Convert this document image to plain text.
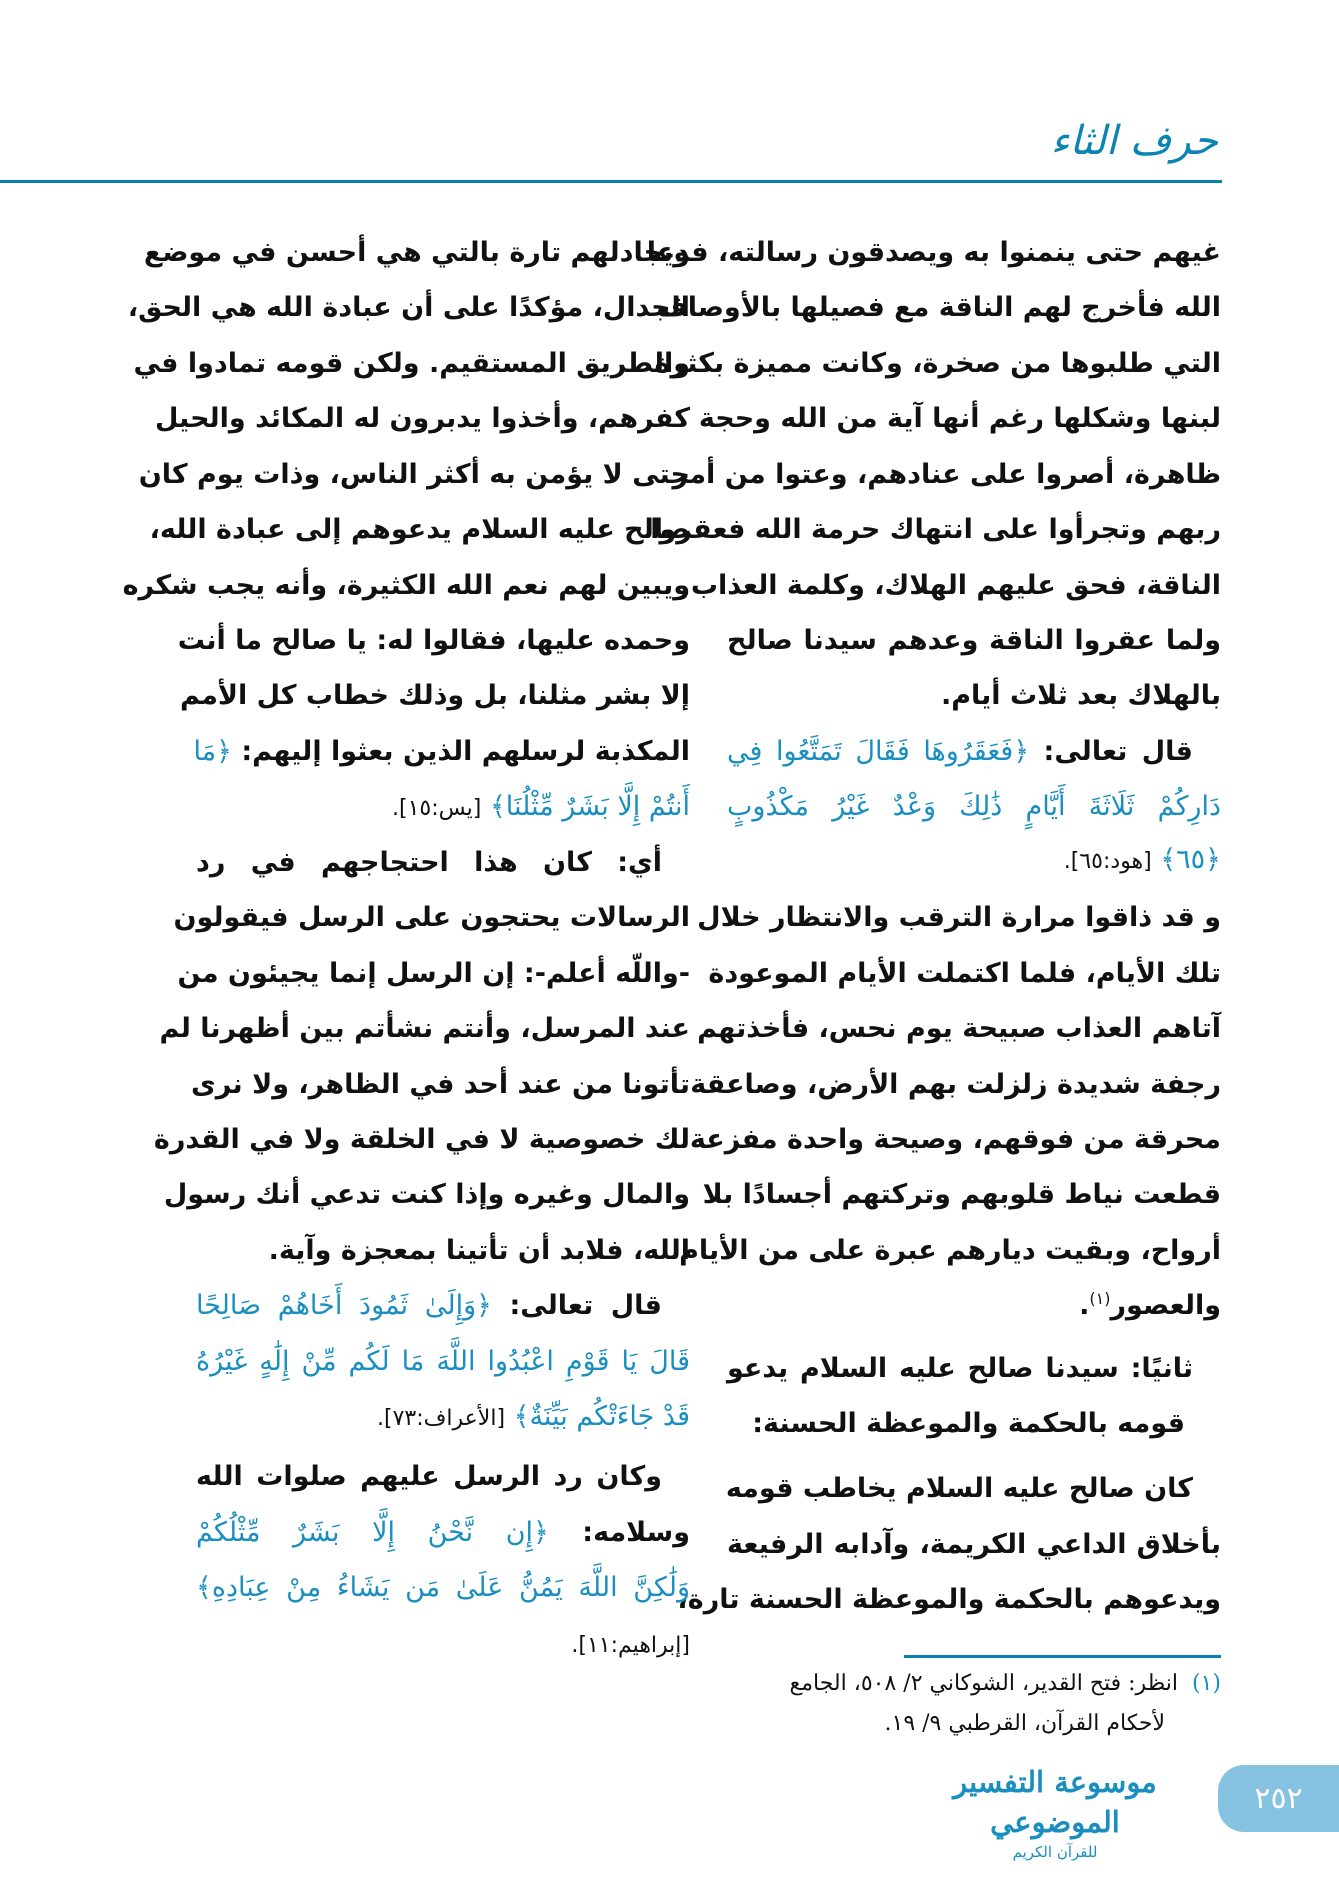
حرف الثاء
غيهم حتى ينمنوا به ويصدقون رسالته، فدعا
الله فأخرج لهم الناقة مع فصيلها بالأوصاف
التي طلبوها من صخرة، وكانت مميزة بكثرة
لبنها وشكلها رغم أنها آية من الله وحجة
ظاهرة، أصروا على عنادهم، وعتوا من أمر
ربهم وتجرأوا على انتهاك حرمة الله فعقروا
الناقة، فحق عليهم الهلاك، وكلمة العذاب.
ولما عقروا الناقة وعدهم سيدنا صالح
بالهلاك بعد ثلاث أيام.
قال تعالى: ﴿فَعَقَرُوهَا فَقَالَ تَمَتَّعُوا فِي
دَارِكُمْ ثَلَاثَةَ أَيَّامٍ ذَٰلِكَ وَعْدٌ غَيْرُ مَكْذُوبٍ
﴿٦٥﴾ [هود:٦٥].
و قد ذاقوا مرارة الترقب والانتظار خلال
تلك الأيام، فلما اكتملت الأيام الموعودة
آتاهم العذاب صبيحة يوم نحس، فأخذتهم
رجفة شديدة زلزلت بهم الأرض، وصاعقة
محرقة من فوقهم، وصيحة واحدة مفزعة
قطعت نياط قلوبهم وتركتهم أجسادًا بلا
أرواح، وبقيت ديارهم عبرة على من الأيام
والعصور$^{(١)}$.
ثانيًا: سيدنا صالح عليه السلام يدعو
قومه بالحكمة والموعظة الحسنة:
كان صالح عليه السلام يخاطب قومه
بأخلاق الداعي الكريمة، وآدابه الرفيعة
ويدعوهم بالحكمة والموعظة الحسنة تارة،
ويجادلهم تارة بالتي هي أحسن في موضع
الجدال، مؤكدًا على أن عبادة الله هي الحق،
والطريق المستقيم. ولكن قومه تمادوا في
كفرهم، وأخذوا يدبرون له المكائد والحيل
حتى لا يؤمن به أكثر الناس، وذات يوم كان
صالح عليه السلام يدعوهم إلى عبادة الله،
ويبين لهم نعم الله الكثيرة، وأنه يجب شكره
وحمده عليها، فقالوا له: يا صالح ما أنت
إلا بشر مثلنا، بل وذلك خطاب كل الأمم
المكذبة لرسلهم الذين بعثوا إليهم: ﴿مَا
أَنتُمْ إِلَّا بَشَرٌ مِّثْلُنَا﴾ [يس:١٥].
أي: كان هذا احتجاجهم في رد
الرسالات يحتجون على الرسل فيقولون
-واللّه أعلم-: إن الرسل إنما يجيئون من
عند المرسل، وأنتم نشأتم بين أظهرنا لم
تأتونا من عند أحد في الظاهر، ولا نرى
لك خصوصية لا في الخلقة ولا في القدرة
والمال وغيره وإذا كنت تدعي أنك رسول
الله، فلابد أن تأتينا بمعجزة وآية.
قال تعالى: ﴿وَإِلَىٰ ثَمُودَ أَخَاهُمْ صَالِحًا
قَالَ يَا قَوْمِ اعْبُدُوا اللَّهَ مَا لَكُم مِّنْ إِلَٰهٍ غَيْرُهُ
قَدْ جَاءَتْكُم بَيِّنَةٌ﴾ [الأعراف:٧٣].
وكان رد الرسل عليهم صلوات الله
وسلامه: ﴿إِن نَّحْنُ إِلَّا بَشَرٌ مِّثْلُكُمْ
وَلَٰكِنَّ اللَّهَ يَمُنُّ عَلَىٰ مَن يَشَاءُ مِنْ عِبَادِهِ﴾
[إبراهيم:١١].
(١)انظر: فتح القدير، الشوكاني ٢/ ٥٠٨، الجامع
لأحكام القرآن، القرطبي ٩/ ١٩.
موسوعة التفسير الموضوعي
للقرآن الكريم
٢٥٢
